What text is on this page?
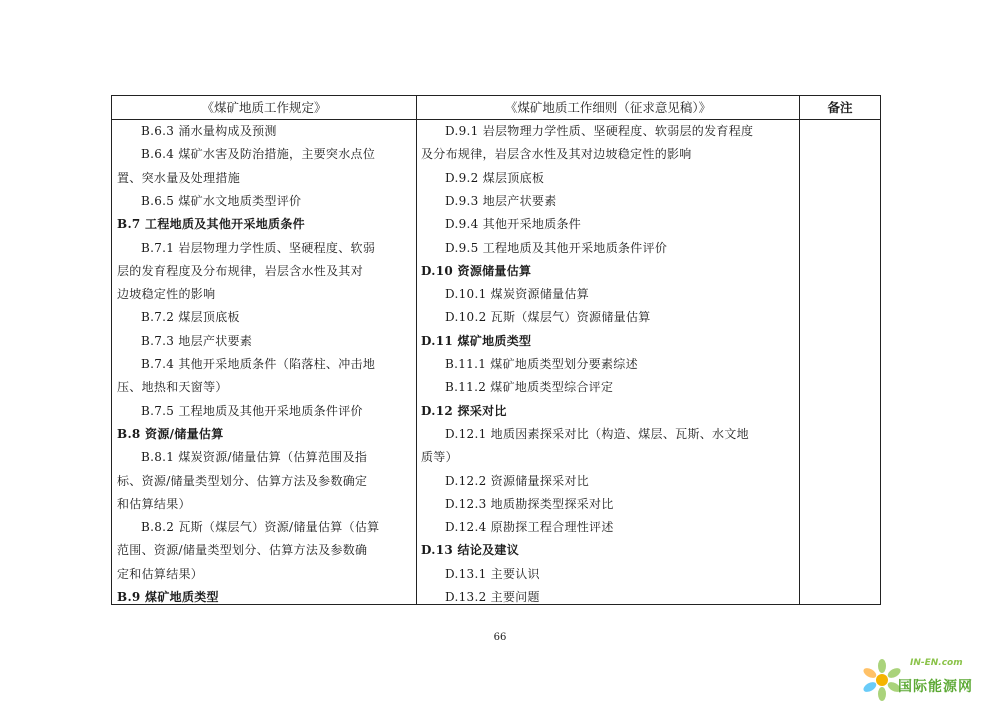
《煤矿地质工作规定》	《煤矿地质工作细则（征求意见稿）》	备注
B.6.3 涌水量构成及预测
B.6.4 煤矿水害及防治措施，主要突水点位
置、突水量及处理措施
B.6.5 煤矿水文地质类型评价
B.7 工程地质及其他开采地质条件
B.7.1 岩层物理力学性质、坚硬程度、软弱
层的发育程度及分布规律，岩层含水性及其对
边坡稳定性的影响
B.7.2 煤层顶底板
B.7.3 地层产状要素
B.7.4 其他开采地质条件（陷落柱、冲击地
压、地热和天窗等）
B.7.5 工程地质及其他开采地质条件评价
B.8 资源/储量估算
B.8.1 煤炭资源/储量估算（估算范围及指
标、资源/储量类型划分、估算方法及参数确定
和估算结果）
B.8.2 瓦斯（煤层气）资源/储量估算（估算
范围、资源/储量类型划分、估算方法及参数确
定和估算结果）
B.9 煤矿地质类型
D.9.1 岩层物理力学性质、坚硬程度、软弱层的发育程度
及分布规律，岩层含水性及其对边坡稳定性的影响
D.9.2 煤层顶底板
D.9.3 地层产状要素
D.9.4 其他开采地质条件
D.9.5 工程地质及其他开采地质条件评价
D.10 资源储量估算
D.10.1 煤炭资源储量估算
D.10.2 瓦斯（煤层气）资源储量估算
D.11 煤矿地质类型
B.11.1 煤矿地质类型划分要素综述
B.11.2 煤矿地质类型综合评定
D.12 探采对比
D.12.1 地质因素探采对比（构造、煤层、瓦斯、水文地
质等）
D.12.2 资源储量探采对比
D.12.3 地质勘探类型探采对比
D.12.4 原勘探工程合理性评述
D.13 结论及建议
D.13.1 主要认识
D.13.2 主要问题
66
IN-EN.com
国际能源网
